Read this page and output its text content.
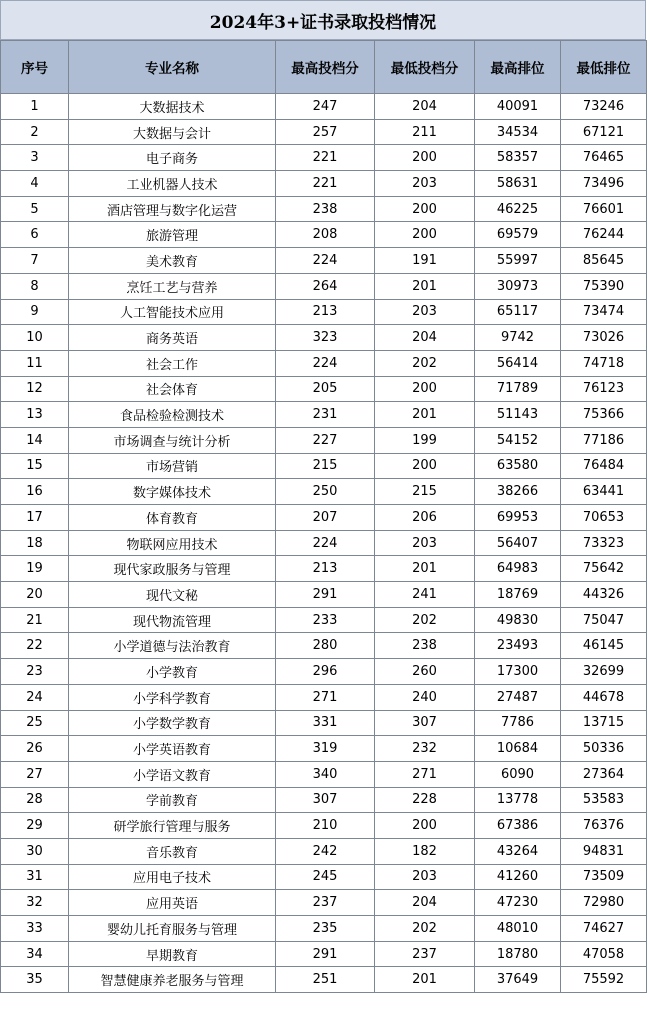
2024年3+证书录取投档情况
序号	专业名称	最高投档分	最低投档分	最高排位	最低排位
1	大数据技术	247	204	40091	73246
2	大数据与会计	257	211	34534	67121
3	电子商务	221	200	58357	76465
4	工业机器人技术	221	203	58631	73496
5	酒店管理与数字化运营	238	200	46225	76601
6	旅游管理	208	200	69579	76244
7	美术教育	224	191	55997	85645
8	烹饪工艺与营养	264	201	30973	75390
9	人工智能技术应用	213	203	65117	73474
10	商务英语	323	204	9742	73026
11	社会工作	224	202	56414	74718
12	社会体育	205	200	71789	76123
13	食品检验检测技术	231	201	51143	75366
14	市场调查与统计分析	227	199	54152	77186
15	市场营销	215	200	63580	76484
16	数字媒体技术	250	215	38266	63441
17	体育教育	207	206	69953	70653
18	物联网应用技术	224	203	56407	73323
19	现代家政服务与管理	213	201	64983	75642
20	现代文秘	291	241	18769	44326
21	现代物流管理	233	202	49830	75047
22	小学道德与法治教育	280	238	23493	46145
23	小学教育	296	260	17300	32699
24	小学科学教育	271	240	27487	44678
25	小学数学教育	331	307	7786	13715
26	小学英语教育	319	232	10684	50336
27	小学语文教育	340	271	6090	27364
28	学前教育	307	228	13778	53583
29	研学旅行管理与服务	210	200	67386	76376
30	音乐教育	242	182	43264	94831
31	应用电子技术	245	203	41260	73509
32	应用英语	237	204	47230	72980
33	婴幼儿托育服务与管理	235	202	48010	74627
34	早期教育	291	237	18780	47058
35	智慧健康养老服务与管理	251	201	37649	75592
